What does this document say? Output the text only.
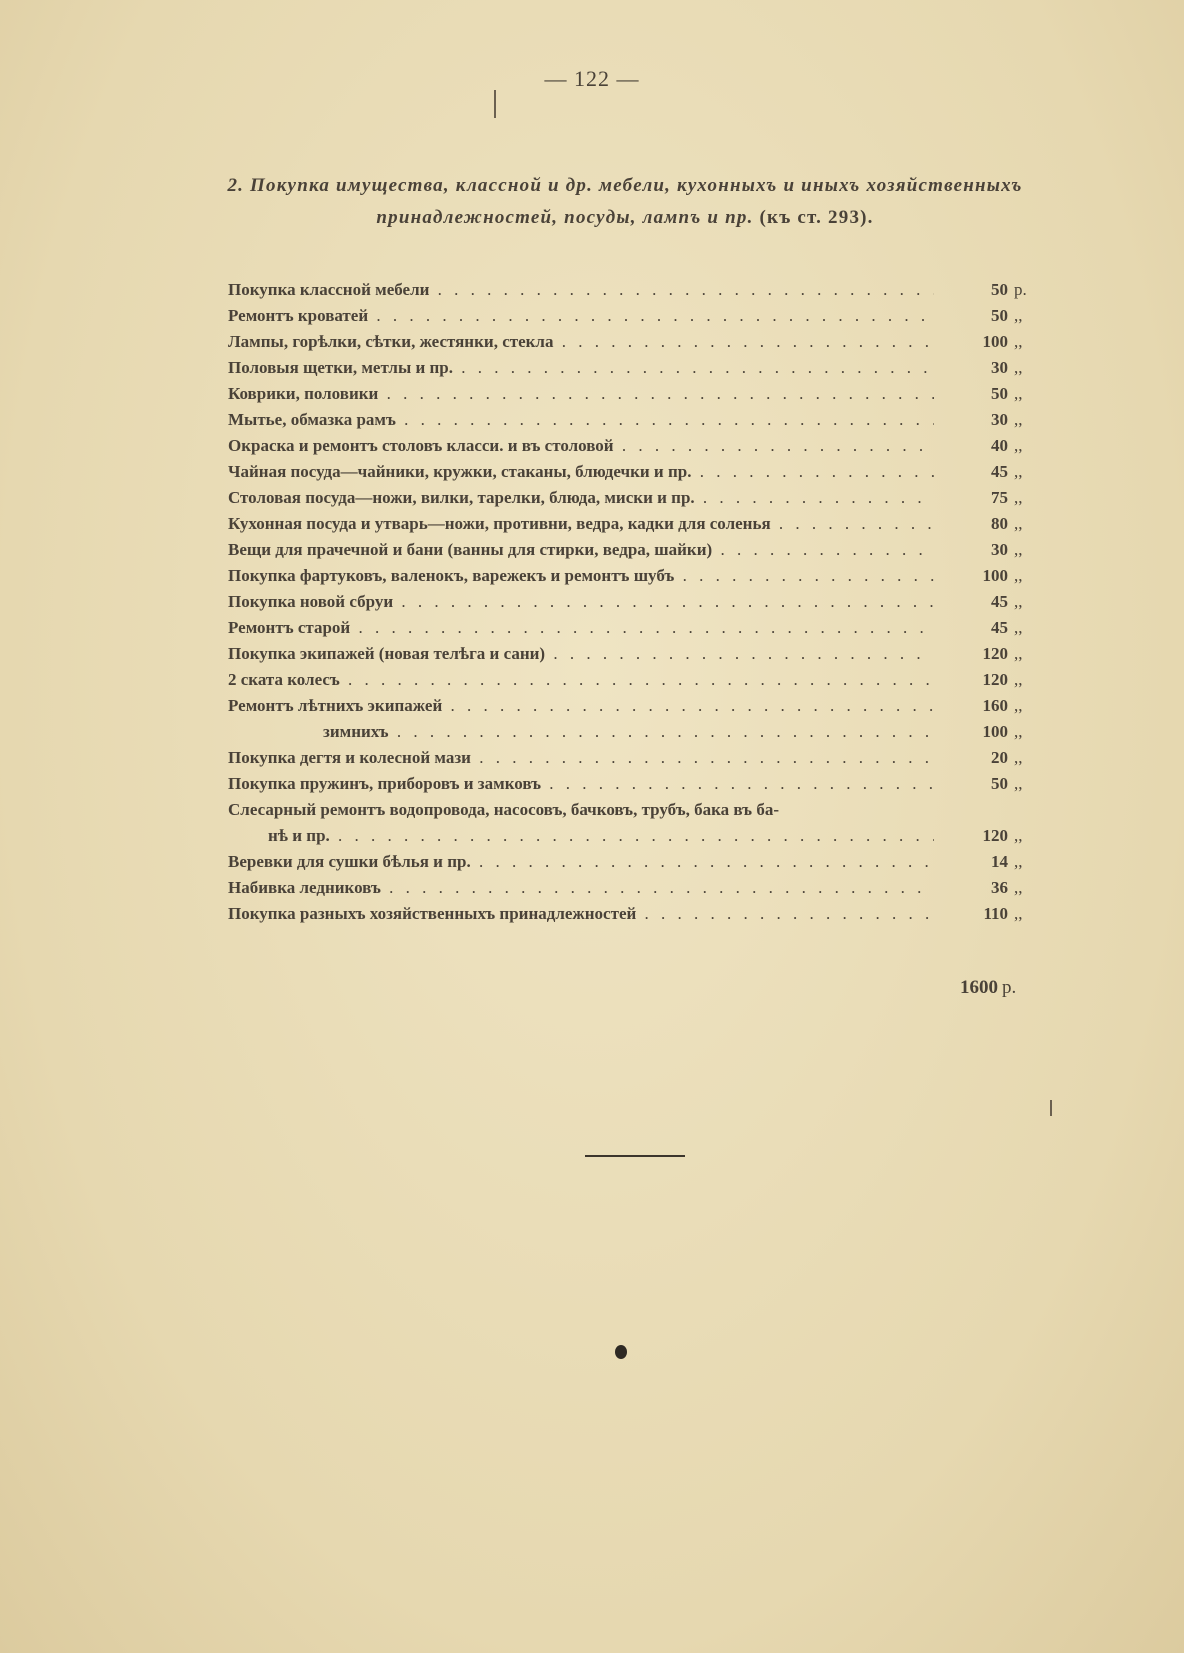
— 122 —
2. Покупка имущества, классной и др. мебели, кухонныхъ и иныхъ хозяйственныхъ принадлежностей, посуды, лампъ и пр. (къ ст. 293).
Покупка классной мебели . . .	50 р.
Ремонтъ кроватей . . .	50 ,,
Лампы, горѣлки, сѣтки, жестянки, стекла . . .	100 ,,
Половыя щетки, метлы и пр. . . .	30 ,,
Коврики, половики . . .	50 ,,
Мытье, обмазка рамъ . . .	30 ,,
Окраска и ремонтъ столовъ класси. и въ столовой . . .	40 ,,
Чайная посуда—чайники, кружки, стаканы, блюдечки и пр. . . .	45 ,,
Столовая посуда—ножи, вилки, тарелки, блюда, миски и пр. . . .	75 ,,
Кухонная посуда и утварь—ножи, противни, ведра, кадки для соленья . . .	80 ,,
Вещи для прачечной и бани (ванны для стирки, ведра, шайки) . . .	30 ,,
Покупка фартуковъ, валенокъ, варежекъ и ремонтъ шубъ . . .	100 ,,
Покупка новой сбруи . . .	45 ,,
Ремонтъ старой . . .	45 ,,
Покупка экипажей (новая телѣга и сани) . . .	120 ,,
2 ската колесъ . . .	120 ,,
Ремонтъ лѣтнихъ экипажей . . .	160 ,,
зимнихъ . . .	100 ,,
Покупка дегтя и колесной мази . . .	20 ,,
Покупка пружинъ, приборовъ и замковъ . . .	50 ,,
Слесарный ремонтъ водопровода, насосовъ, бачковъ, трубъ, бака въ ба-
нѣ и пр. . . .	120 ,,
Веревки для сушки бѣлья и пр. . . .	14 ,,
Набивка ледниковъ . . .	36 ,,
Покупка разныхъ хозяйственныхъ принадлежностей . . .	110 ,,
1600 р.
